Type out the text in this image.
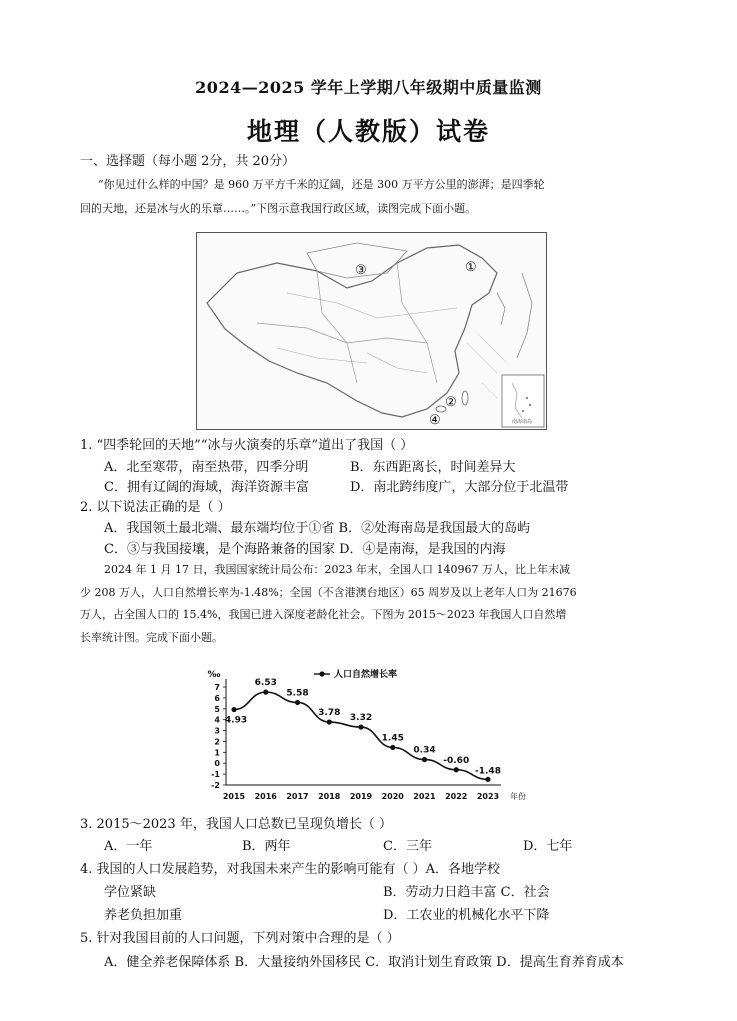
2024—2025 学年上学期八年级期中质量监测
地理（人教版）试卷
一、选择题（每小题 2分，共 20分）
“你见过什么样的中国？是 960 万平方千米的辽阔，还是 300 万平方公里的澎湃；是四季轮
回的天地，还是冰与火的乐章……。”下图示意我国行政区域，读图完成下面小题。
③	①
②
④	南海诸岛
1. “四季轮回的天地”“冰与火演奏的乐章”道出了我国（ ）
A．北至寒带，南至热带，四季分明	B．东西距离长，时间差异大
C．拥有辽阔的海域，海洋资源丰富	D．南北跨纬度广，大部分位于北温带
2. 以下说法正确的是（ ）
A．我国领土最北端、最东端均位于①省 B．②处海南岛是我国最大的岛屿
C．③与我国接壤，是个海路兼备的国家 D．④是南海，是我国的内海
2024 年 1 月 17 日，我国国家统计局公布：2023 年末，全国人口 140967 万人，比上年末减
少 208 万人，人口自然增长率为-1.48%；全国（不含港澳台地区）65 周岁及以上老年人口为 21676
万人，占全国人口的 15.4%，我国已进入深度老龄化社会。下图为 2015～2023 年我国人口自然增
长率统计图。完成下面小题。
‰
7
6
5
4
3
2
1
0
-1
-2
2015 2016 2017 2018 2019 2020 2021 2022 2023 年份
4.93
6.53
5.58
3.78
3.32
1.45
0.34
-0.60
-1.48
人口自然增长率
3. 2015～2023 年，我国人口总数已呈现负增长（ ）
A．一年	B．两年	C．三年	D．七年
4. 我国的人口发展趋势，对我国未来产生的影响可能有（ ）A．各地学校
学位紧缺	B．劳动力日趋丰富 C．社会
养老负担加重	D．工农业的机械化水平下降
5. 针对我国目前的人口问题，下列对策中合理的是（ ）
A．健全养老保障体系 B．大量接纳外国移民 C．取消计划生育政策 D．提高生育养育成本
